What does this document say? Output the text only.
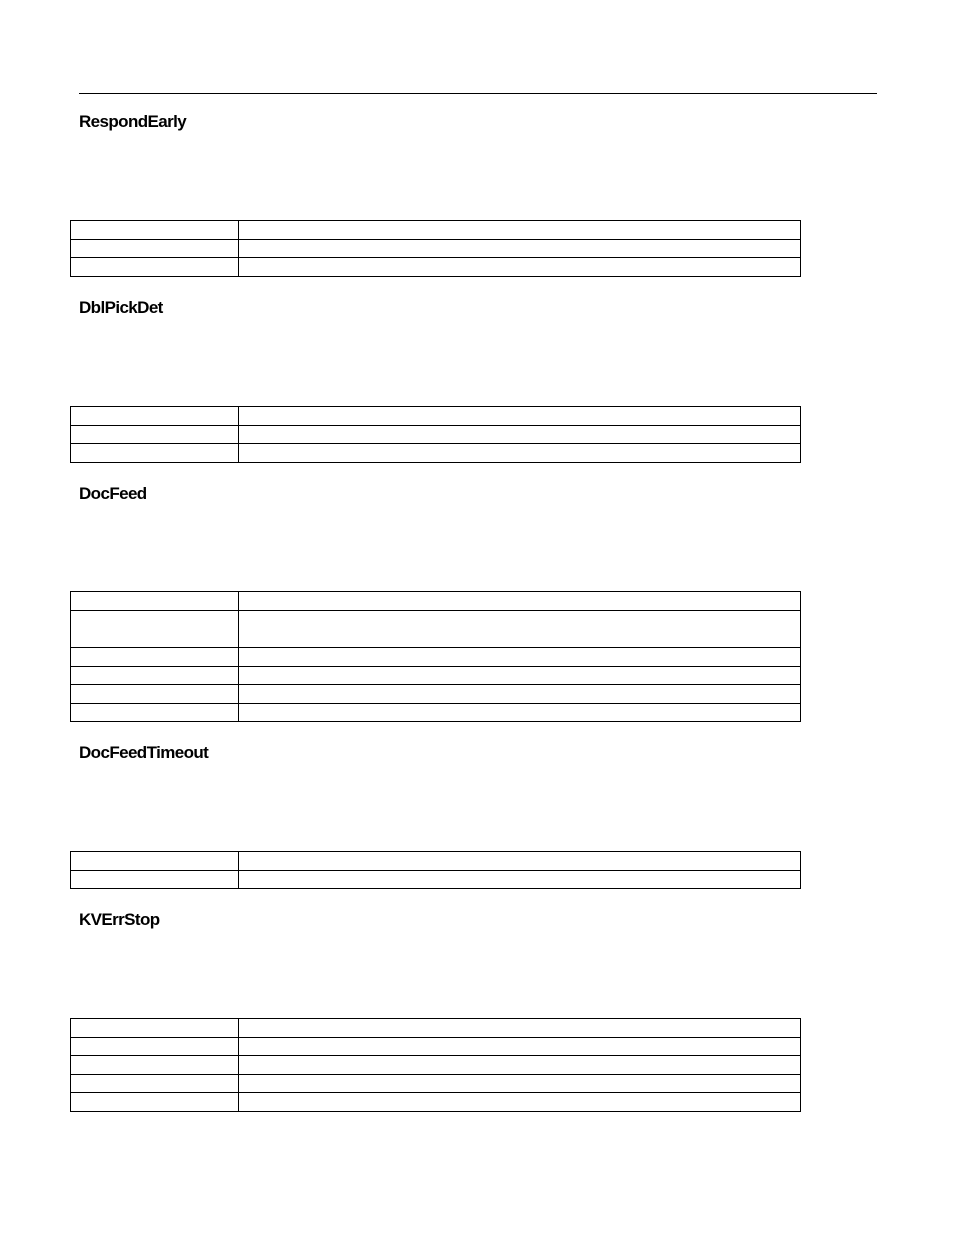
RespondEarly

DblPickDet

DocFeed

DocFeedTimeout

KVErrStop
